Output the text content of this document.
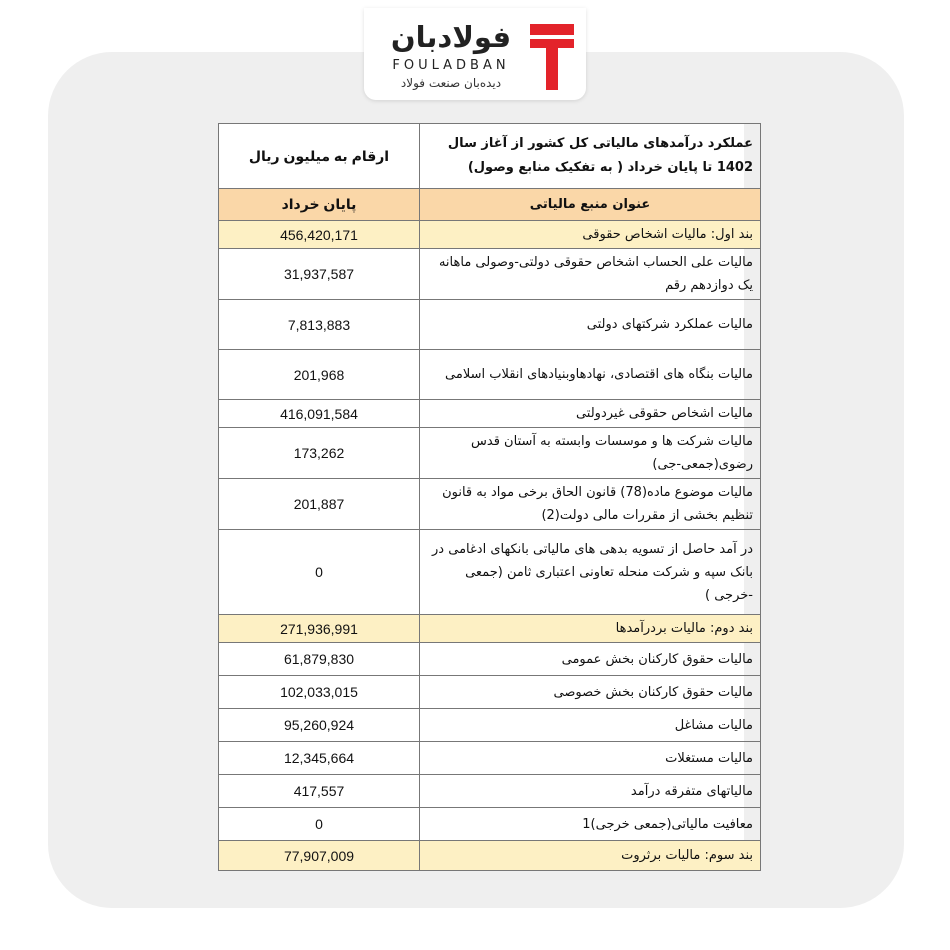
فولادبان
FOULADBAN
دیده‌بان صنعت فولاد
ارقام به میلیون ریال	عملکرد درآمدهای مالیاتی کل کشور از آغاز سال 1402 تا پایان خرداد ( به تفکیک منابع وصول)
پایان خرداد	عنوان منبع مالیاتی
456,420,171	بند اول: مالیات اشخاص حقوقی
31,937,587	مالیات علی الحساب اشخاص حقوقی دولتی-وصولی ماهانه یک دوازدهم رقم
7,813,883	مالیات عملکرد شرکتهای دولتی
201,968	مالیات بنگاه های اقتصادی، نهادهاوبنیادهای انقلاب اسلامی
416,091,584	مالیات اشخاص حقوقی غیردولتی
173,262	مالیات شرکت ها و موسسات وابسته به آستان قدس رضوی(جمعی-جی)
201,887	مالیات موضوع ماده(78) قانون الحاق برخی مواد به قانون تنظیم بخشی از مقررات مالی دولت(2)
0	در آمد حاصل از تسویه بدهی های مالیاتی بانکهای ادغامی در بانک سپه و شرکت منحله تعاونی اعتباری ثامن (جمعی -خرجی )
271,936,991	بند دوم: مالیات بردرآمدها
61,879,830	مالیات حقوق کارکنان بخش عمومی
102,033,015	مالیات حقوق کارکنان بخش خصوصی
95,260,924	مالیات مشاغل
12,345,664	مالیات مستغلات
417,557	مالیاتهای متفرقه درآمد
0	معافیت مالیاتی(جمعی خرجی)1
77,907,009	بند سوم: مالیات برثروت
